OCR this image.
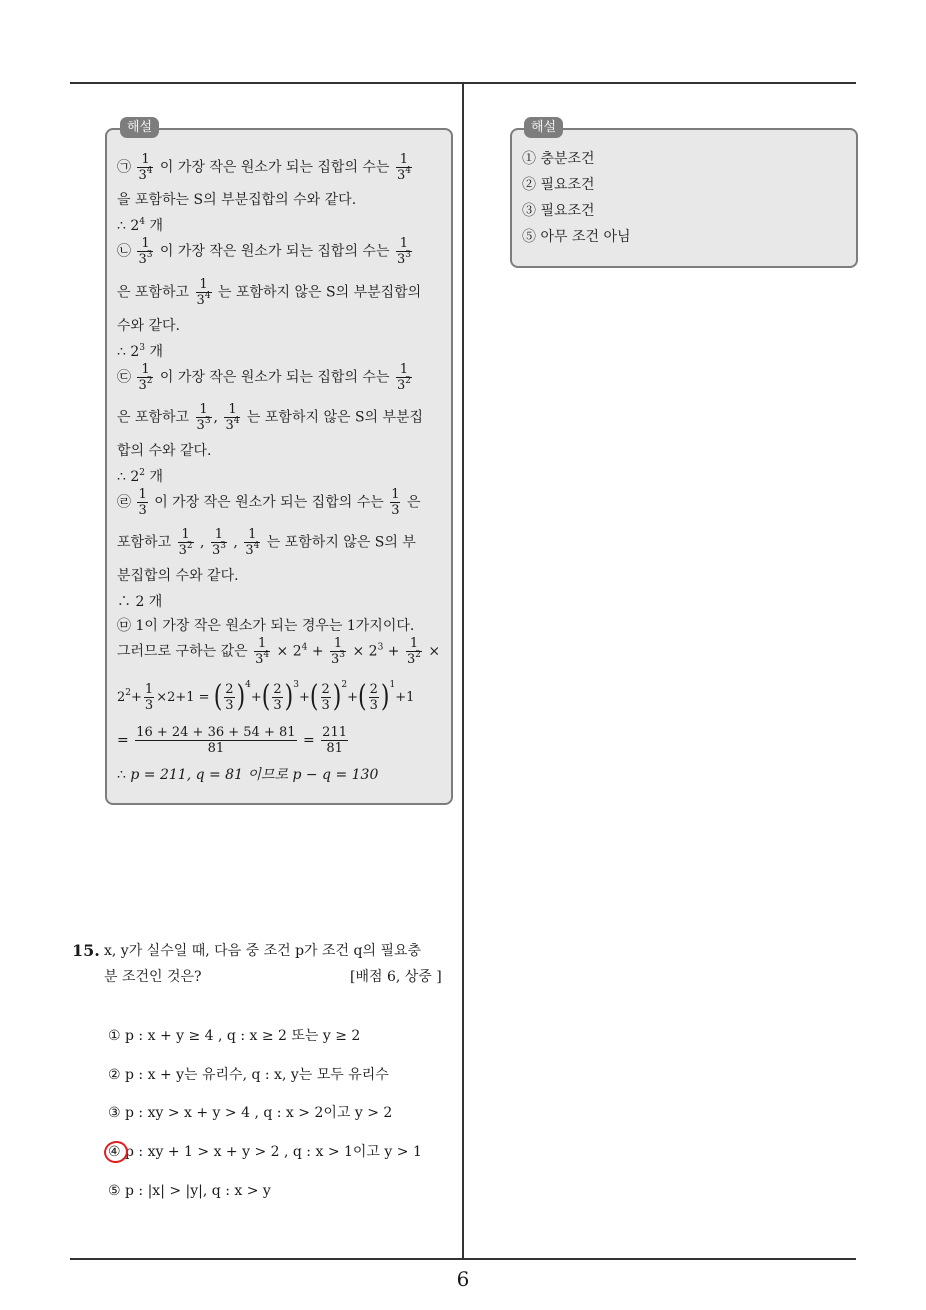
해설
㉠ $\frac{1}{3^4}$ 이 가장 작은 원소가 되는 집합의 수는 $\frac{1}{3^4}$
을 포함하는 S의 부분집합의 수와 같다.
∴ $2^4$ 개
㉡ $\frac{1}{3^3}$ 이 가장 작은 원소가 되는 집합의 수는 $\frac{1}{3^3}$
은 포함하고 $\frac{1}{3^4}$ 는 포함하지 않은 S의 부분집합의
수와 같다.
∴ $2^3$ 개
㉢ $\frac{1}{3^2}$ 이 가장 작은 원소가 되는 집합의 수는 $\frac{1}{3^2}$
은 포함하고 $\frac{1}{3^3}$ , $\frac{1}{3^4}$ 는 포함하지 않은 S의 부분집
합의 수와 같다.
∴ $2^2$ 개
㉣ $\frac{1}{3}$ 이 가장 작은 원소가 되는 집합의 수는 $\frac{1}{3}$ 은
포함하고 $\frac{1}{3^2}$ , $\frac{1}{3^3}$ , $\frac{1}{3^4}$ 는 포함하지 않은 S의 부
분집합의 수와 같다.
∴ 2 개
㉤ 1이 가장 작은 원소가 되는 경우는 1가지이다.
그러므로 구하는 값은 $\frac{1}{3^4} \times 2^4 + \frac{1}{3^3} \times 2^3 + \frac{1}{3^2}$ ×
$2^2+ \frac{1}{3} \times 2+1$ = ( $\frac{2}{3} )^4+( \frac{2}{3} )^3+( \frac{2}{3} )^2+( \frac{2}{3} )^1+1$
= $\frac{16 + 24 + 36 + 54 + 81}{81} = \frac{211}{81}$
∴ p = 211, q = 81 이므로 p − q = 130
15. x, y가 실수일 때, 다음 중 조건 p가 조건 q의 필요충
분 조건인 것은?	[배점 6, 상중 ]
① p : x + y ≥ 4 , q : x ≥ 2 또는 y ≥ 2
② p : x + y는 유리수, q : x, y는 모두 유리수
③ p : xy > x + y > 4 , q : x > 2이고 y > 2
④ p : xy + 1 > x + y > 2 , q : x > 1이고 y > 1
⑤ p : |x| > |y|, q : x > y
해설
① 충분조건
② 필요조건
③ 필요조건
⑤ 아무 조건 아님
6
